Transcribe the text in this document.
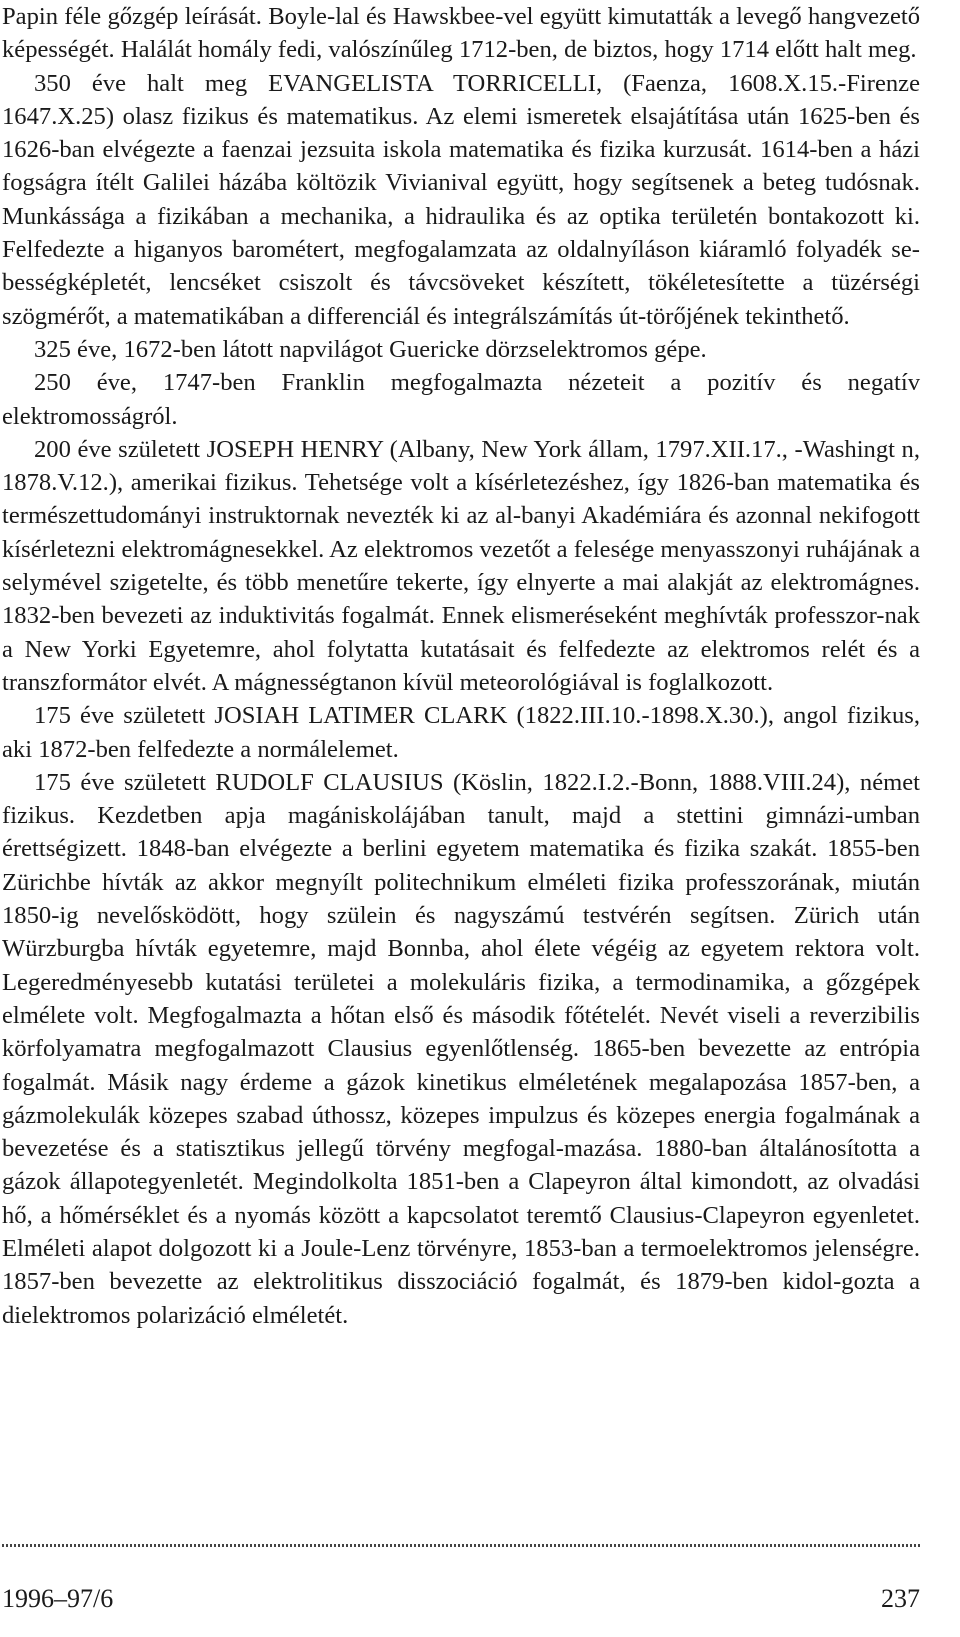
Papin féle gőzgép leírását. Boyle-lal és Hawskbee-vel együtt kimutatták a levegő hangvezető képességét. Halálát homály fedi, valószínűleg 1712-ben, de biztos, hogy 1714 előtt halt meg.

350 éve halt meg EVANGELISTA TORRICELLI, (Faenza, 1608.X.15.-Firenze 1647.X.25) olasz fizikus és matematikus. Az elemi ismeretek elsajátítása után 1625-ben és 1626-ban elvégezte a faenzai jezsuita iskola matematika és fizika kurzusát. 1614-ben a házi fogságra ítélt Galilei házába költözik Vivianival együtt, hogy segítsenek a beteg tudósnak. Munkássága a fizikában a mechanika, a hidraulika és az optika területén bontakozott ki. Felfedezte a higanyos barométert, megfogalamzata az oldalnyíláson kiáramló folyadék se-bességképletét, lencséket csiszolt és távcsöveket készített, tökéletesítette a tüzérségi szögmérőt, a matematikában a differenciál és integrálszámítás út-törőjének tekinthető.

325 éve, 1672-ben látott napvilágot Guericke dörzselektromos gépe.

250 éve, 1747-ben Franklin megfogalmazta nézeteit a pozitív és negatív elektromosságról.

200 éve született JOSEPH HENRY (Albany, New York állam, 1797.XII.17., -Washingt n, 1878.V.12.), amerikai fizikus. Tehetsége volt a kísérletezéshez, így 1826-ban matematika és természettudományi instruktornak nevezték ki az al-banyi Akadémiára és azonnal nekifogott kísérletezni elektromágnesekkel. Az elektromos vezetőt a felesége menyasszonyi ruhájának a selymével szigetelte, és több menetűre tekerte, így elnyerte a mai alakját az elektromágnes. 1832-ben bevezeti az induktivitás fogalmát. Ennek elismeréseként meghívták professzor-nak a New Yorki Egyetemre, ahol folytatta kutatásait és felfedezte az elektromos relét és a transzformátor elvét. A mágnességtanon kívül meteorológiával is foglalkozott.

175 éve született JOSIAH LATIMER CLARK (1822.III.10.-1898.X.30.), angol fizikus, aki 1872-ben felfedezte a normálelemet.

175 éve született RUDOLF CLAUSIUS (Köslin, 1822.I.2.-Bonn, 1888.VIII.24), német fizikus. Kezdetben apja magániskolájában tanult, majd a stettini gimnázi-umban érettségizett. 1848-ban elvégezte a berlini egyetem matematika és fizika szakát. 1855-ben Zürichbe hívták az akkor megnyílt politechnikum elméleti fizika professzorának, miután 1850-ig nevelősködött, hogy szülein és nagyszámú testvérén segítsen. Zürich után Würzburgba hívták egyetemre, majd Bonnba, ahol élete végéig az egyetem rektora volt. Legeredményesebb kutatási területei a molekuláris fizika, a termodinamika, a gőzgépek elmélete volt. Megfogalmazta a hőtan első és második főtételét. Nevét viseli a reverzibilis körfolyamatra megfogalmazott Clausius egyenlőtlenség. 1865-ben bevezette az entrópia fogalmát. Másik nagy érdeme a gázok kinetikus elméletének megalapozása 1857-ben, a gázmolekulák közepes szabad úthossz, közepes impulzus és közepes energia fogalmának a bevezetése és a statisztikus jellegű törvény megfogal-mazása. 1880-ban általánosította a gázok állapotegyenletét. Megindolkolta 1851-ben a Clapeyron által kimondott, az olvadási hő, a hőmérséklet és a nyomás között a kapcsolatot teremtő Clausius-Clapeyron egyenletet. Elméleti alapot dolgozott ki a Joule-Lenz törvényre, 1853-ban a termoelektromos jelenségre. 1857-ben bevezette az elektrolitikus disszociáció fogalmát, és 1879-ben kidol-gozta a dielektromos polarizáció elméletét.

1996–97/6	237
